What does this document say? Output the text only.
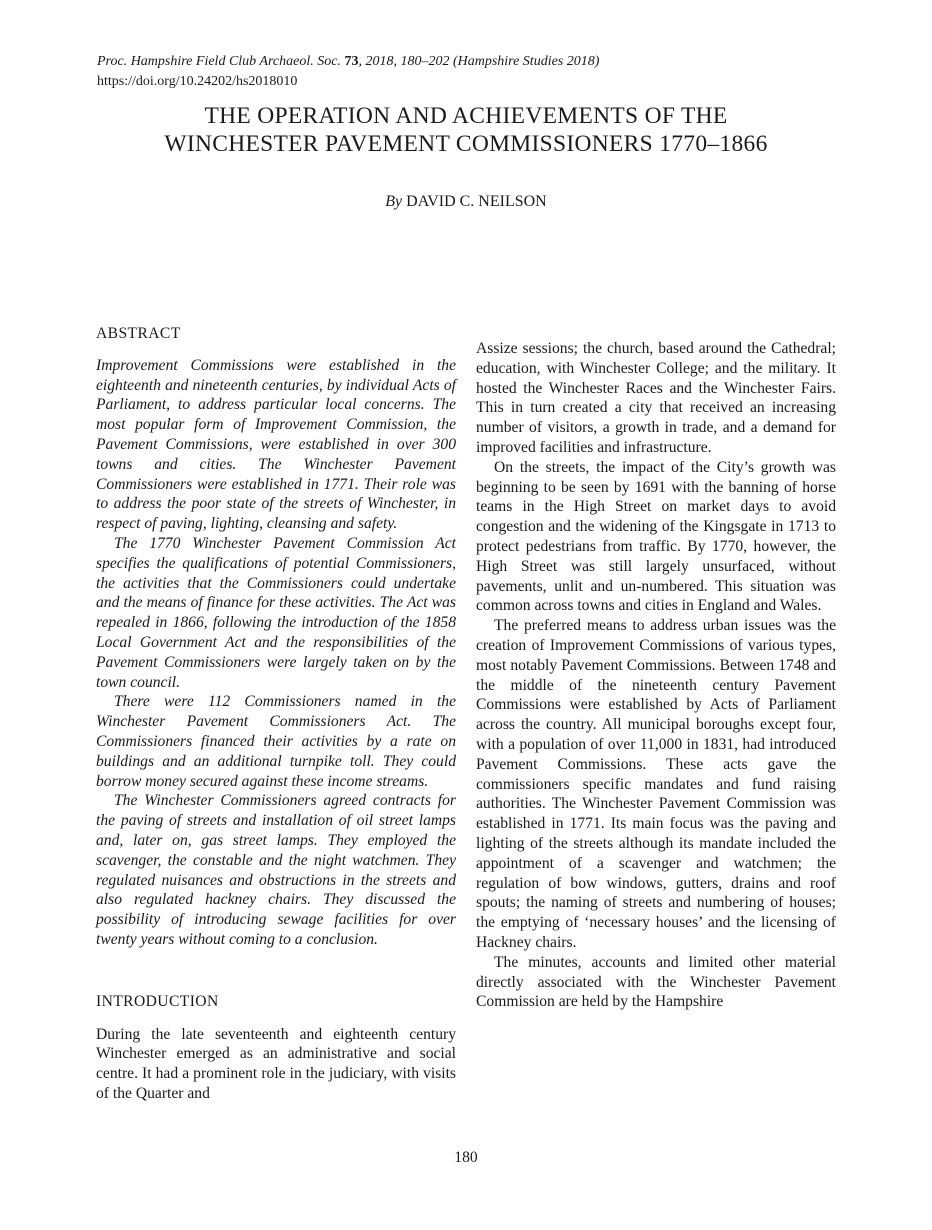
Proc. Hampshire Field Club Archaeol. Soc. 73, 2018, 180–202 (Hampshire Studies 2018)
https://doi.org/10.24202/hs2018010
THE OPERATION AND ACHIEVEMENTS OF THE
WINCHESTER PAVEMENT COMMISSIONERS 1770–1866
By DAVID C. NEILSON
ABSTRACT

Improvement Commissions were established in the eighteenth and nineteenth centuries, by individual Acts of Parliament, to address particular local concerns. The most popular form of Improvement Commission, the Pavement Commissions, were established in over 300 towns and cities. The Winchester Pavement Commissioners were established in 1771. Their role was to address the poor state of the streets of Winchester, in respect of paving, lighting, cleansing and safety.

The 1770 Winchester Pavement Commission Act specifies the qualifications of potential Commissioners, the activities that the Commissioners could undertake and the means of finance for these activities. The Act was repealed in 1866, following the introduction of the 1858 Local Government Act and the responsibilities of the Pavement Commissioners were largely taken on by the town council.

There were 112 Commissioners named in the Winchester Pavement Commissioners Act. The Commissioners financed their activities by a rate on buildings and an additional turnpike toll. They could borrow money secured against these income streams.

The Winchester Commissioners agreed contracts for the paving of streets and installation of oil street lamps and, later on, gas street lamps. They employed the scavenger, the constable and the night watchmen. They regulated nuisances and obstructions in the streets and also regulated hackney chairs. They discussed the possibility of introducing sewage facilities for over twenty years without coming to a conclusion.

INTRODUCTION

During the late seventeenth and eighteenth century Winchester emerged as an administrative and social centre. It had a prominent role in the judiciary, with visits of the Quarter and

Assize sessions; the church, based around the Cathedral; education, with Winchester College; and the military. It hosted the Winchester Races and the Winchester Fairs. This in turn created a city that received an increasing number of visitors, a growth in trade, and a demand for improved facilities and infrastructure.

On the streets, the impact of the City’s growth was beginning to be seen by 1691 with the banning of horse teams in the High Street on market days to avoid congestion and the widening of the Kingsgate in 1713 to protect pedestrians from traffic. By 1770, however, the High Street was still largely unsurfaced, without pavements, unlit and un-numbered. This situation was common across towns and cities in England and Wales.

The preferred means to address urban issues was the creation of Improvement Commissions of various types, most notably Pavement Commissions. Between 1748 and the middle of the nineteenth century Pavement Commissions were established by Acts of Parliament across the country. All municipal boroughs except four, with a population of over 11,000 in 1831, had introduced Pavement Commissions. These acts gave the commissioners specific mandates and fund raising authorities. The Winchester Pavement Commission was established in 1771. Its main focus was the paving and lighting of the streets although its mandate included the appointment of a scavenger and watchmen; the regulation of bow windows, gutters, drains and roof spouts; the naming of streets and numbering of houses; the emptying of ‘necessary houses’ and the licensing of Hackney chairs.

The minutes, accounts and limited other material directly associated with the Winchester Pavement Commission are held by the Hampshire

180
